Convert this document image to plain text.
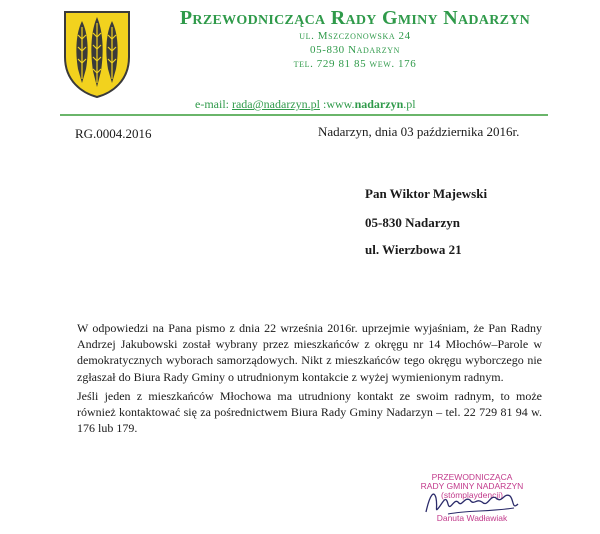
Przewodnicząca Rady Gminy Nadarzyn
ul. Mszczonowska 24
05-830 Nadarzyn
tel. 729 81 85 wew. 176
e-mail: rada@nadarzyn.pl :www.nadarzyn.pl
RG.0004.2016	Nadarzyn, dnia 03 października 2016r.
Pan Wiktor Majewski
05-830 Nadarzyn
ul. Wierzbowa 21
W odpowiedzi na Pana pismo z dnia 22 września 2016r. uprzejmie wyjaśniam, że Pan Radny Andrzej Jakubowski został wybrany przez mieszkańców z okręgu nr 14 Młochów–Parole w demokratycznych wyborach samorządowych. Nikt z mieszkańców tego okręgu wyborczego nie zgłaszał do Biura Rady Gminy o utrudnionym kontakcie z wyżej wymienionym radnym.
Jeśli jeden z mieszkańców Młochowa ma utrudniony kontakt ze swoim radnym, to może również kontaktować się za pośrednictwem Biura Rady Gminy Nadarzyn – tel. 22 729 81 94 w. 176 lub 179.
PRZEWODNICZĄCA
RADY GMINY NADARZYN
(stómplaydencji)
Danuta Wadławiak
